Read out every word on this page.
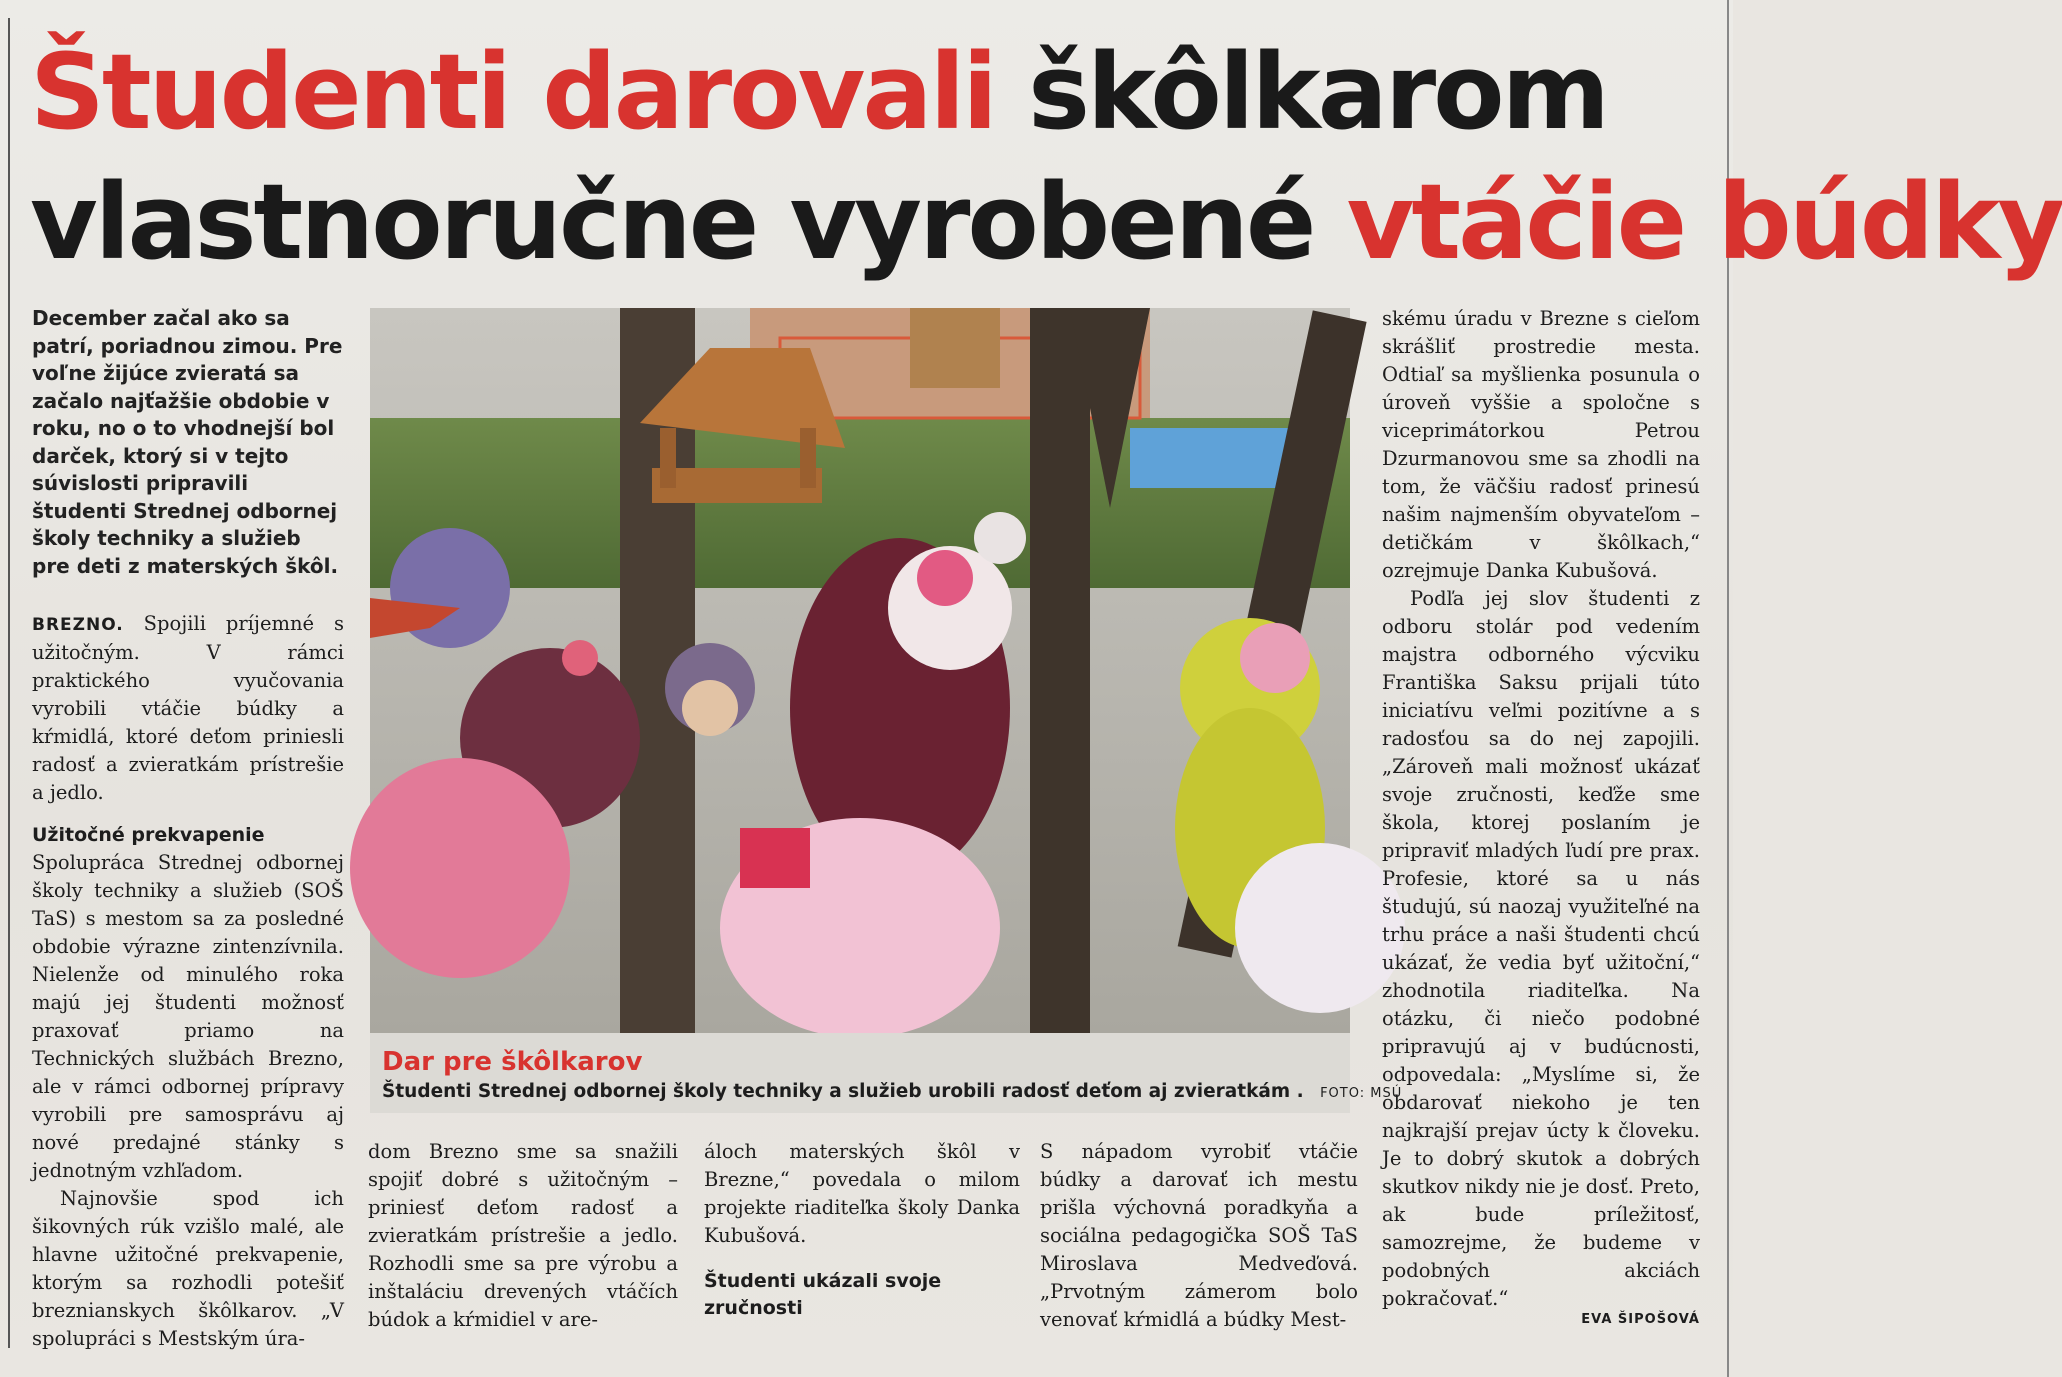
Študenti darovali škôlkarom
vlastnoručne vyrobené vtáčie búdky
December začal ako sa patrí, poriadnou zimou. Pre voľne žijúce zvieratá sa začalo najťažšie obdobie v roku, no o to vhodnejší bol darček, ktorý si v tejto súvislosti pripravili študenti Strednej odbornej školy techniky a služieb pre deti z materských škôl.

BREZNO. Spojili príjemné s užitočným. V rámci praktického vyučovania vyrobili vtáčie búdky a kŕmidlá, ktoré deťom priniesli radosť a zvieratkám prístrešie a jedlo.

Užitočné prekvapenie

Spolupráca Strednej odbornej školy techniky a služieb (SOŠ TaS) s mestom sa za posledné obdobie výrazne zintenzívnila. Nielenže od minulého roka majú jej študenti možnosť praxovať priamo na Technických službách Brezno, ale v rámci odbornej prípravy vyrobili pre samosprávu aj nové predajné stánky s jednotným vzhľadom.

Najnovšie spod ich šikovných rúk vzišlo malé, ale hlavne užitočné prekvapenie, ktorým sa rozhodli potešiť breznianskych škôlkarov. „V spolupráci s Mestským úra-

Dar pre škôlkarov
Študenti Strednej odbornej školy techniky a služieb urobili radosť deťom aj zvieratkám . FOTO: MSÚ

skému úradu v Brezne s cieľom skrášliť prostredie mesta. Odtiaľ sa myšlienka posunula o úroveň vyššie a spoločne s viceprimátorkou Petrou Dzurmanovou sme sa zhodli na tom, že väčšiu radosť prinesú našim najmenším obyvateľom – detičkám v škôlkach,“ ozrejmuje Danka Kubušová.

Podľa jej slov študenti z odboru stolár pod vedením majstra odborného výcviku Františka Saksu prijali túto iniciatívu veľmi pozitívne a s radosťou sa do nej zapojili. „Zároveň mali možnosť ukázať svoje zručnosti, keďže sme škola, ktorej poslaním je pripraviť mladých ľudí pre prax. Profesie, ktoré sa u nás študujú, sú naozaj využiteľné na trhu práce a naši študenti chcú ukázať, že vedia byť užitoční,“ zhodnotila riaditeľka. Na otázku, či niečo podobné pripravujú aj v budúcnosti, odpovedala: „Myslíme si, že obdarovať niekoho je ten najkrajší prejav úcty k človeku. Je to dobrý skutok a dobrých skutkov nikdy nie je dosť. Preto, ak bude príležitosť, samozrejme, že budeme v podobných akciách pokračovať.“

dom Brezno sme sa snažili spojiť dobré s užitočným – priniesť deťom radosť a zvieratkám prístrešie a jedlo. Rozhodli sme sa pre výrobu a inštaláciu drevených vtáčích búdok a kŕmidiel v are-

áloch materských škôl v Brezne,“ povedala o milom projekte riaditeľka školy Danka Kubušová.

Študenti ukázali svoje zručnosti

S nápadom vyrobiť vtáčie búdky a darovať ich mestu prišla výchovná poradkyňa a sociálna pedagogička SOŠ TaS Miroslava Medveďová. „Prvotným zámerom bolo venovať kŕmidlá a búdky Mest-	EVA ŠIPOŠOVÁ
